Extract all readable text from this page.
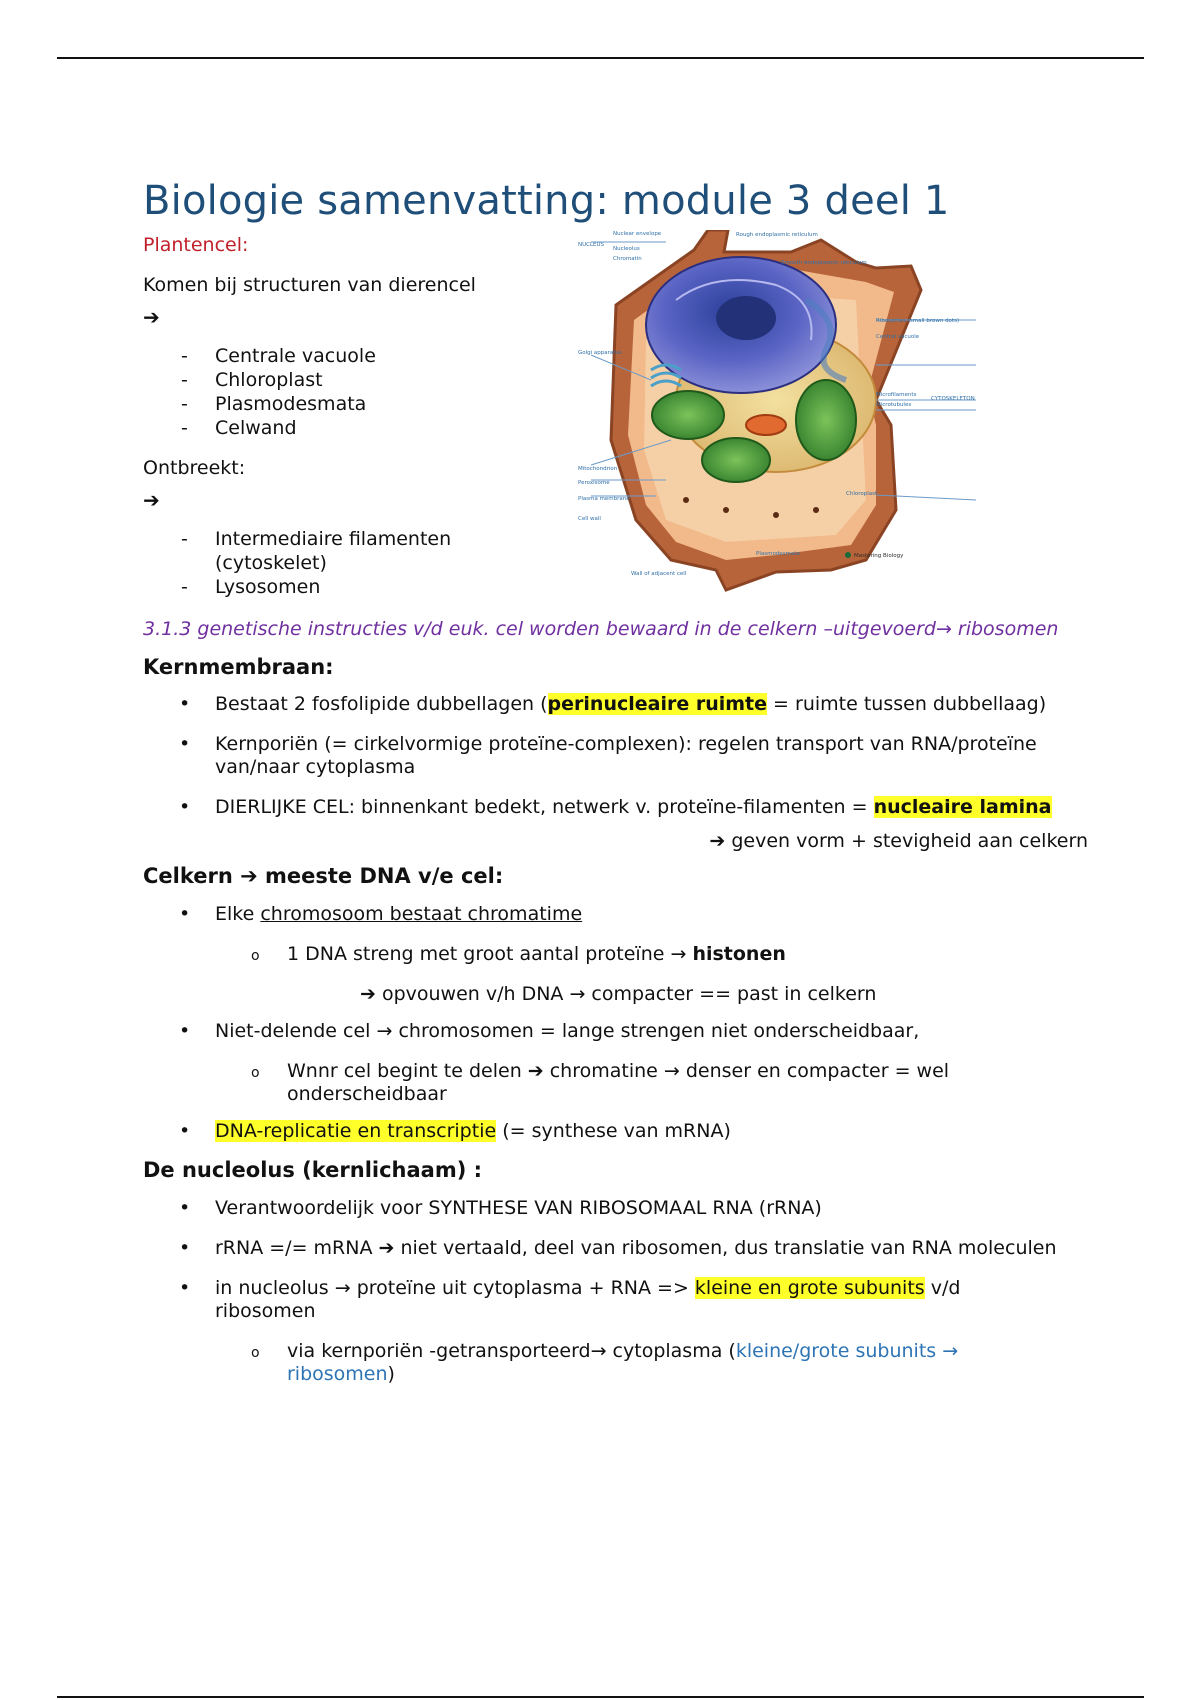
Biologie samenvatting: module 3 deel 1

Plantencel:

Komen bij structuren van dierencel

➔

- Centrale vacuole
- Chloroplast
- Plasmodesmata
- Celwand

Ontbreekt:

➔

- Intermediaire filamenten (cytoskelet)
- Lysosomen
NUCLEUS
Nuclear envelope
Nucleolus
Chromatin
Rough endoplasmic reticulum
Smooth endoplasmic reticulum
Ribosomes (small brown dots)
Central vacuole
Golgi apparatus
Microfilaments
Microtubules
CYTOSKELETON
Mitochondrion
Peroxisome
Plasma membrane
Cell wall
Wall of adjacent cell
Chloroplast
Plasmodesmata	Mastering Biology

3.1.3 genetische instructies v/d euk. cel worden bewaard in de celkern –uitgevoerd→ ribosomen

Kernmembraan:
• Bestaat 2 fosfolipide dubbellagen (perinucleaire ruimte = ruimte tussen dubbellaag)
• Kernporiën (= cirkelvormige proteïne-complexen): regelen transport van RNA/proteïne van/naar cytoplasma
• DIERLIJKE CEL: binnenkant bedekt, netwerk v. proteïne-filamenten = nucleaire lamina

➔ geven vorm + stevigheid aan celkern

Celkern ➔ meeste DNA v/e cel:
• Elke chromosoom bestaat chromatime
o 1 DNA streng met groot aantal proteïne → histonen

➔ opvouwen v/h DNA → compacter == past in celkern

• Niet-delende cel → chromosomen = lange strengen niet onderscheidbaar,
o Wnnr cel begint te delen ➔ chromatine → denser en compacter = wel onderscheidbaar
• DNA-replicatie en transcriptie (= synthese van mRNA)
De nucleolus (kernlichaam) :
• Verantwoordelijk voor SYNTHESE VAN RIBOSOMAAL RNA (rRNA)
• rRNA =/= mRNA ➔ niet vertaald, deel van ribosomen, dus translatie van RNA moleculen
• in nucleolus → proteïne uit cytoplasma + RNA => kleine en grote subunits v/d ribosomen
o via kernporiën -getransporteerd→ cytoplasma (kleine/grote subunits → ribosomen)
